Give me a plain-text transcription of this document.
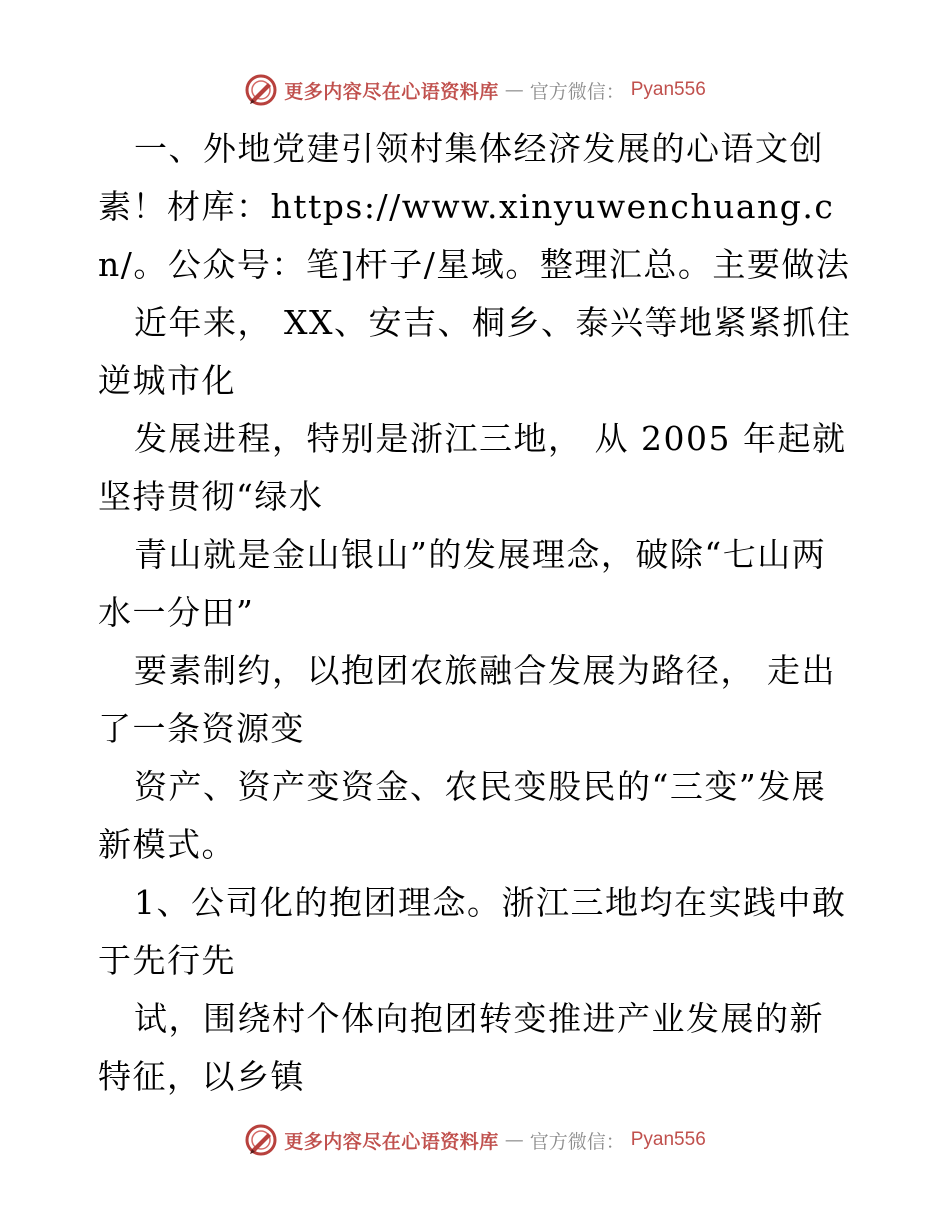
更多内容尽在心语资料库 — 官方微信： Pyan556

一、外地党建引领村集体经济发展的心语文创素！材库：https://www.xinyuwenchuang.cn/。公众号：笔]杆子/星域。整理汇总。主要做法

近年来， XX、安吉、桐乡、泰兴等地紧紧抓住逆城市化

发展进程，特别是浙江三地， 从 2005 年起就坚持贯彻“绿水

青山就是金山银山”的发展理念，破除“七山两水一分田”

要素制约，以抱团农旅融合发展为路径， 走出了一条资源变

资产、资产变资金、农民变股民的“三变”发展新模式。

1、公司化的抱团理念。浙江三地均在实践中敢于先行先

试，围绕村个体向抱团转变推进产业发展的新特征，以乡镇

更多内容尽在心语资料库 — 官方微信： Pyan556
